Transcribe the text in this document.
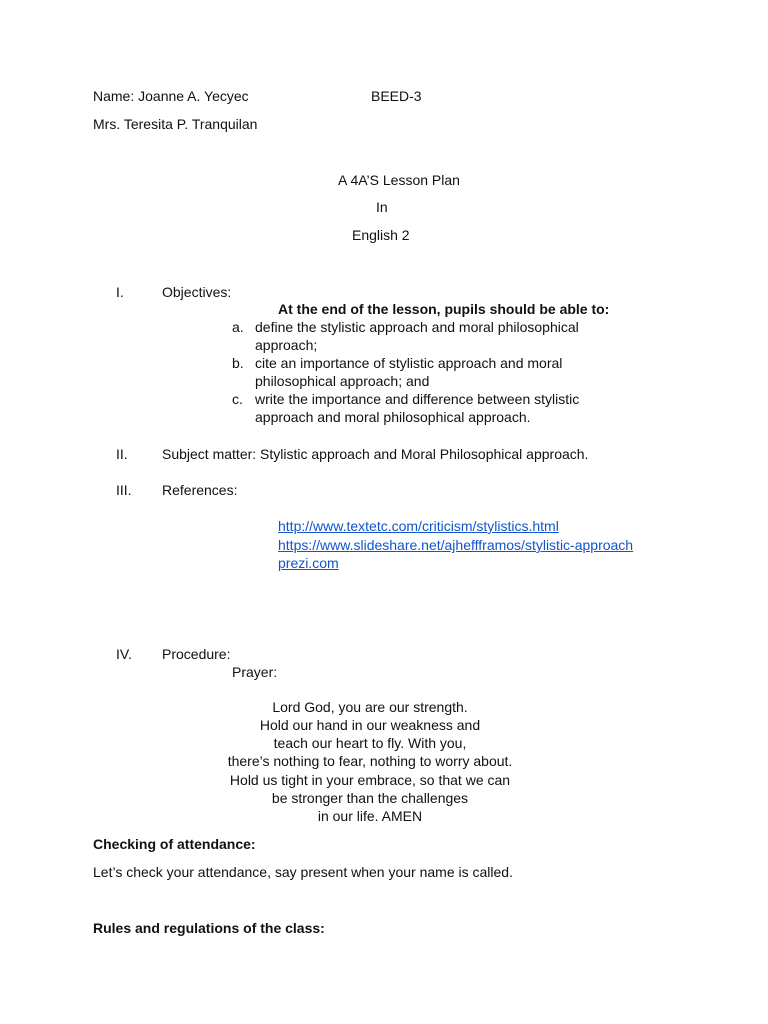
Name: Joanne A. Yecyec	BEED-3
Mrs. Teresita P. Tranquilan
A 4A’S Lesson Plan
In
English 2
I.	Objectives:
At the end of the lesson, pupils should be able to:
a. define the stylistic approach and moral philosophical
approach;
b. cite an importance of stylistic approach and moral
philosophical approach; and
c. write the importance and difference between stylistic
approach and moral philosophical approach.
II. Subject matter: Stylistic approach and Moral Philosophical approach.
III. References:
http://www.textetc.com/criticism/stylistics.html
https://www.slideshare.net/ajheffframos/stylistic-approach
prezi.com
IV. Procedure:
Prayer:
Lord God, you are our strength.
Hold our hand in our weakness and
teach our heart to fly. With you,
there’s nothing to fear, nothing to worry about.
Hold us tight in your embrace, so that we can
be stronger than the challenges
in our life. AMEN
Checking of attendance:
Let’s check your attendance, say present when your name is called.
Rules and regulations of the class:
